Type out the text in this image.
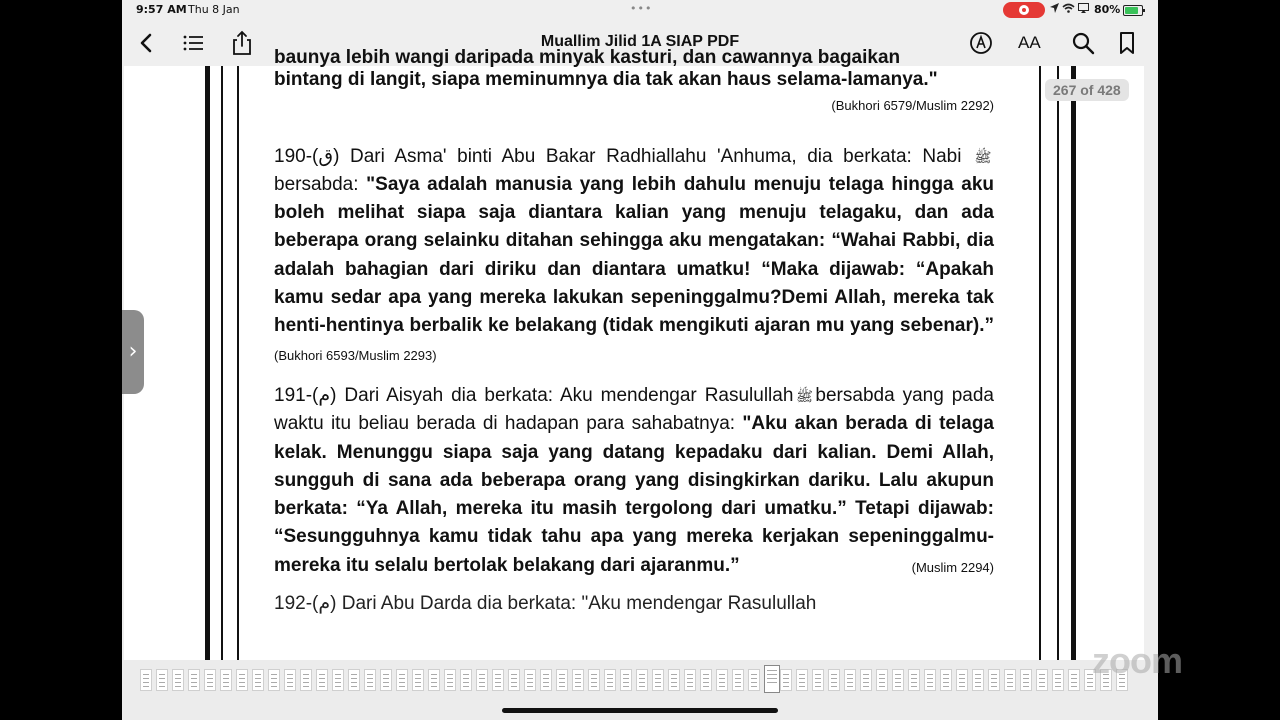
9:57 AM Thu 8 Jan	•••
	80%
Muallim Jilid 1A SIAP PDF	AA
baunya lebih wangi daripada minyak kasturi, dan cawannya bagaikan

bintang di langit, siapa meminumnya dia tak akan haus selama-lamanya."

(Bukhori 6579/Muslim 2292)

190-(ق) Dari Asma' binti Abu Bakar Radhiallahu 'Anhuma, dia berkata: Nabi ﷺ bersabda: "Saya adalah manusia yang lebih dahulu menuju telaga hingga aku boleh melihat siapa saja diantara kalian yang menuju telagaku, dan ada beberapa orang selainku ditahan sehingga aku mengatakan: “Wahai Rabbi, dia adalah bahagian dari diriku dan diantara umatku! “Maka dijawab: “Apakah kamu sedar apa yang mereka lakukan sepeninggalmu?Demi Allah, mereka tak henti-hentinya berbalik ke belakang (tidak mengikuti ajaran mu yang sebenar).” (Bukhori 6593/Muslim 2293)

191-(م) Dari Aisyah dia berkata: Aku mendengar Rasulullah ﷺ bersabda yang pada waktu itu beliau berada di hadapan para sahabatnya: "Aku akan berada di telaga kelak. Menunggu siapa saja yang datang kepadaku dari kalian. Demi Allah, sungguh di sana ada beberapa orang yang disingkirkan dariku. Lalu akupun berkata: “Ya Allah, mereka itu masih tergolong dari umatku.” Tetapi dijawab: “Sesungguhnya kamu tidak tahu apa yang mereka kerjakan sepeninggalmu- mereka itu selalu bertolak belakang dari ajaranmu.”	(Muslim 2294)
192-(م) Dari Abu Darda dia berkata: "Aku mendengar Rasulullah
267 of 428
›
zoom
